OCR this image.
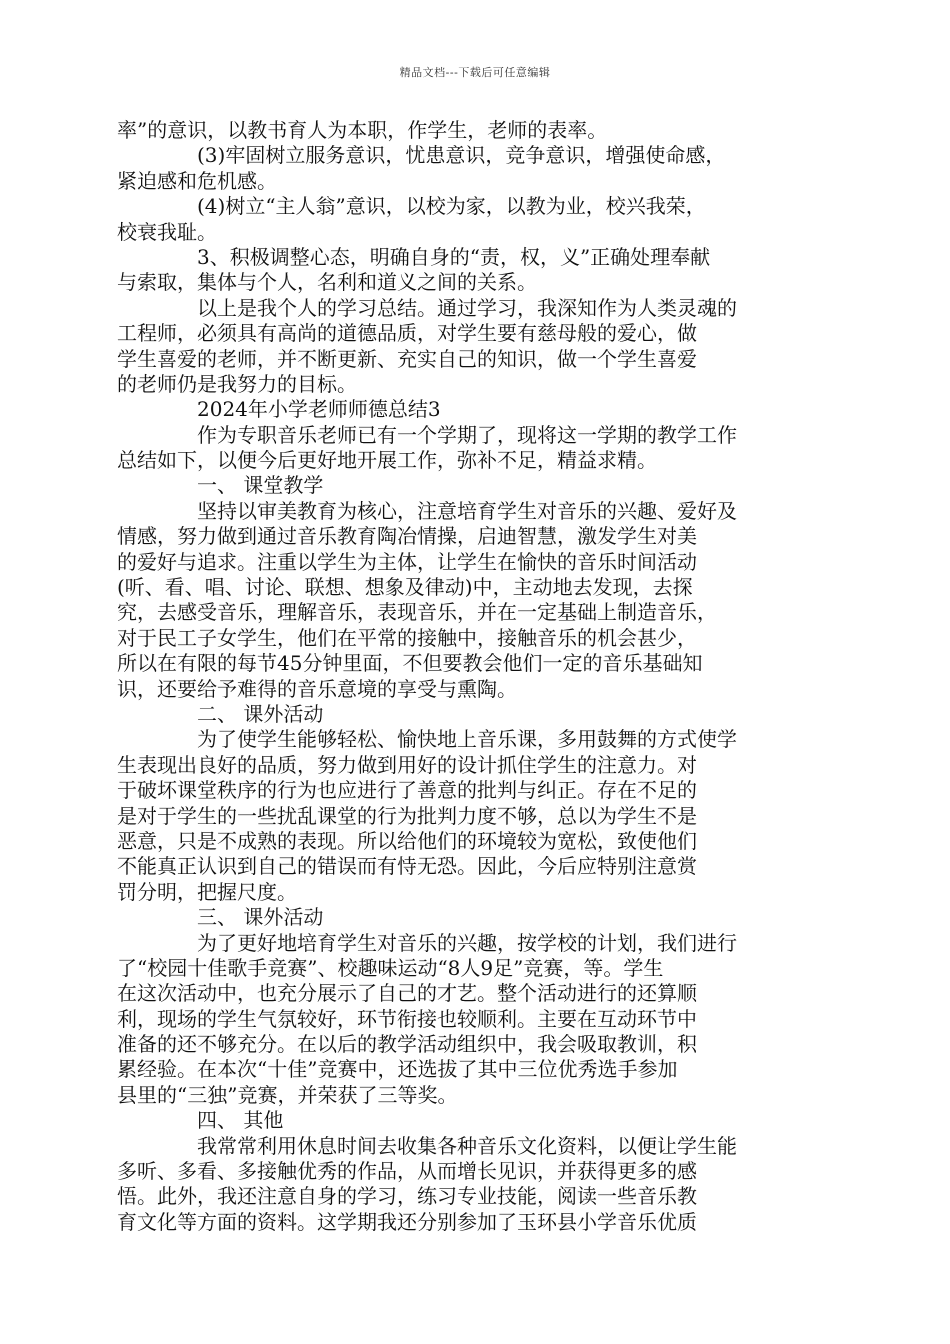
精品文档---下载后可任意编辑
率”的意识，以教书育人为本职，作学生，老师的表率。
(3)牢固树立服务意识，忧患意识，竞争意识，增强使命感，
紧迫感和危机感。
(4)树立“主人翁”意识，以校为家，以教为业，校兴我荣，
校衰我耻。
3、积极调整心态，明确自身的“责，权，义”正确处理奉献
与索取，集体与个人，名利和道义之间的关系。
以上是我个人的学习总结。通过学习，我深知作为人类灵魂的
工程师，必须具有高尚的道德品质，对学生要有慈母般的爱心，做
学生喜爱的老师，并不断更新、充实自己的知识，做一个学生喜爱
的老师仍是我努力的目标。
2024年小学老师师德总结3
作为专职音乐老师已有一个学期了，现将这一学期的教学工作
总结如下，以便今后更好地开展工作，弥补不足，精益求精。
一、 课堂教学
坚持以审美教育为核心，注意培育学生对音乐的兴趣、爱好及
情感，努力做到通过音乐教育陶冶情操，启迪智慧，激发学生对美
的爱好与追求。注重以学生为主体，让学生在愉快的音乐时间活动
(听、看、唱、讨论、联想、想象及律动)中，主动地去发现，去探
究，去感受音乐，理解音乐，表现音乐，并在一定基础上制造音乐，
对于民工子女学生，他们在平常的接触中，接触音乐的机会甚少，
所以在有限的每节45分钟里面，不但要教会他们一定的音乐基础知
识，还要给予难得的音乐意境的享受与熏陶。
二、 课外活动
为了使学生能够轻松、愉快地上音乐课，多用鼓舞的方式使学
生表现出良好的品质，努力做到用好的设计抓住学生的注意力。对
于破坏课堂秩序的行为也应进行了善意的批判与纠正。存在不足的
是对于学生的一些扰乱课堂的行为批判力度不够，总以为学生不是
恶意，只是不成熟的表现。所以给他们的环境较为宽松，致使他们
不能真正认识到自己的错误而有恃无恐。因此，今后应特别注意赏
罚分明，把握尺度。
三、 课外活动
为了更好地培育学生对音乐的兴趣，按学校的计划，我们进行
了“校园十佳歌手竞赛”、校趣味运动“8人9足”竞赛，等。学生
在这次活动中，也充分展示了自己的才艺。整个活动进行的还算顺
利，现场的学生气氛较好，环节衔接也较顺利。主要在互动环节中
准备的还不够充分。在以后的教学活动组织中，我会吸取教训，积
累经验。在本次“十佳”竞赛中，还选拔了其中三位优秀选手参加
县里的“三独”竞赛，并荣获了三等奖。
四、 其他
我常常利用休息时间去收集各种音乐文化资料，以便让学生能
多听、多看、多接触优秀的作品，从而增长见识，并获得更多的感
悟。此外，我还注意自身的学习，练习专业技能，阅读一些音乐教
育文化等方面的资料。这学期我还分别参加了玉环县小学音乐优质
